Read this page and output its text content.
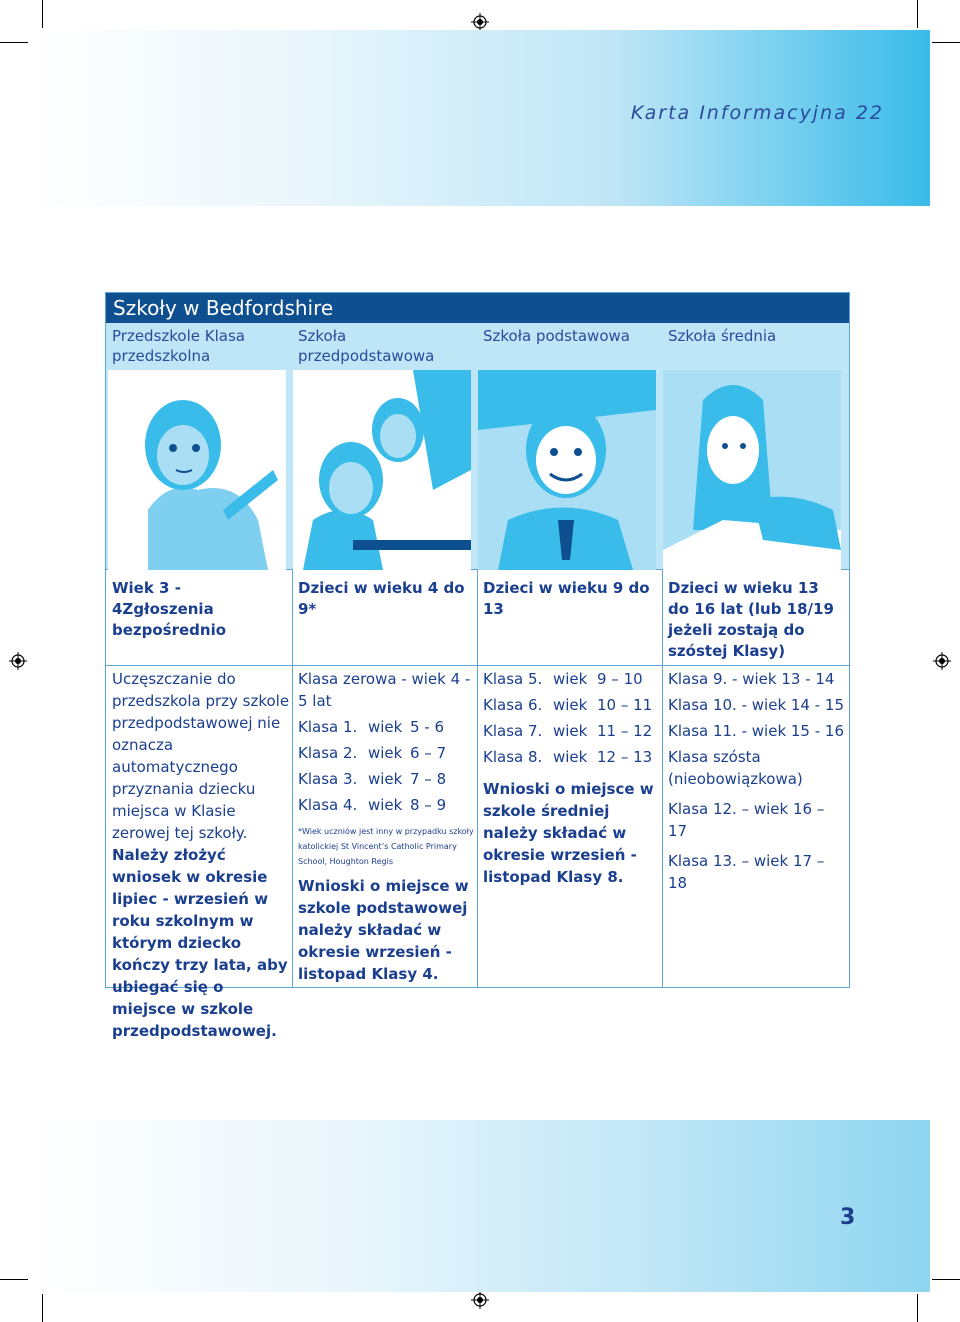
Karta Informacyjna 22
Szkoły w Bedfordshire
Przedszkole Klasa przedszkolna
Szkoła przedpodstawowa
Szkoła podstawowa	Szkoła średnia
Wiek 3 - 4Zgłoszenia bezpośrednio
Dzieci w wieku 4 do 9*
Dzieci w wieku 9 do 13
Dzieci w wieku 13 do 16 lat (lub 18/19 jeżeli zostają do szóstej Klasy)
Uczęszczanie do przedszkola przy szkole przedpodstawowej nie oznacza automatycznego przyznania dziecku miejsca w Klasie zerowej tej szkoły. Należy złożyć wniosek w okresie lipiec - wrzesień w roku szkolnym w którym dziecko kończy trzy lata, aby ubiegać się o miejsce w szkole przedpodstawowej.
Klasa zerowa - wiek 4 - 5 lat
Klasa 1. wiek 5 - 6
Klasa 2. wiek 6 – 7
Klasa 3. wiek 7 – 8
Klasa 4. wiek 8 – 9
*Wiek uczniów jest inny w przypadku szkoły katolickiej St Vincent’s Catholic Primary School, Houghton Regis
Wnioski o miejsce w szkole podstawowej należy składać w okresie wrzesień - listopad Klasy 4.
Klasa 5. wiek 9 – 10
Klasa 6. wiek 10 – 11
Klasa 7. wiek 11 – 12
Klasa 8. wiek 12 – 13
Wnioski o miejsce w szkole średniej należy składać w okresie wrzesień - listopad Klasy 8.
Klasa 9. - wiek 13 - 14
Klasa 10. - wiek 14 - 15
Klasa 11. - wiek 15 - 16
Klasa szósta (nieobowiązkowa)
Klasa 12. – wiek 16 – 17
Klasa 13. – wiek 17 – 18
3
